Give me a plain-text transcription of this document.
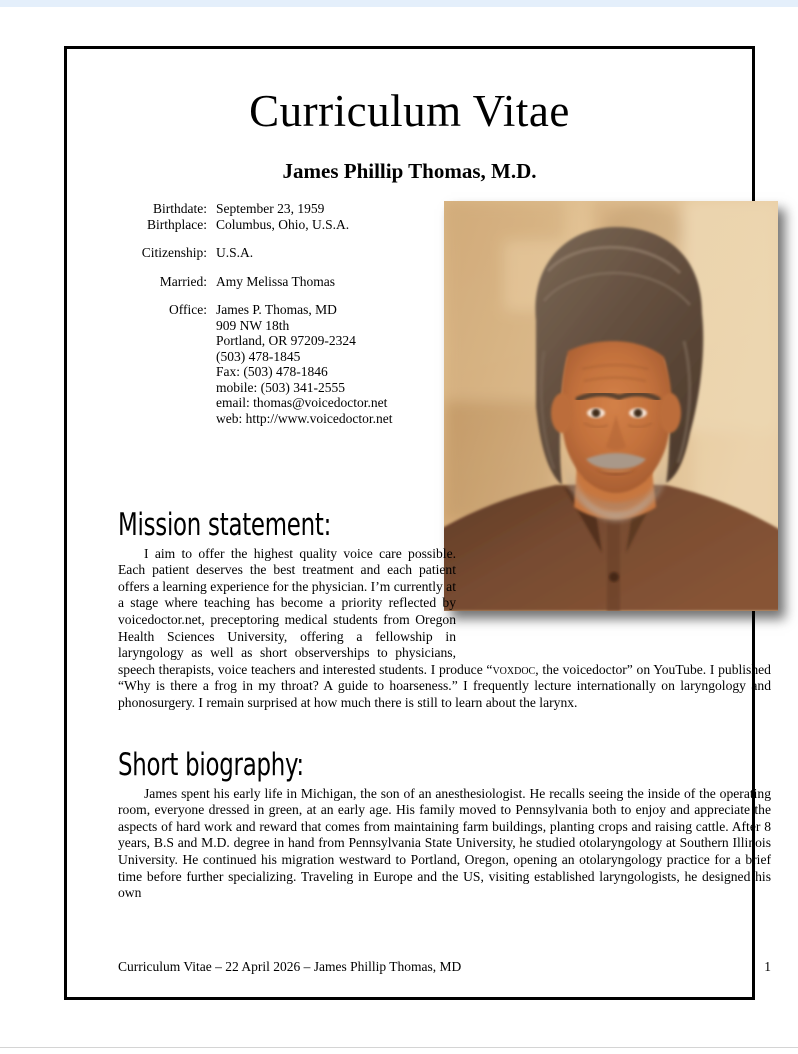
Curriculum Vitae
James Phillip Thomas, M.D.
Birthdate: September 23, 1959
Birthplace: Columbus, Ohio, U.S.A.
Citizenship: U.S.A.
Married: Amy Melissa Thomas
Office: James P. Thomas, MD
909 NW 18th
Portland, OR 97209-2324
(503) 478-1845
Fax: (503) 478-1846
mobile: (503) 341-2555
email: thomas@voicedoctor.net
web: http://www.voicedoctor.net
Mission statement:
I aim to offer the highest quality voice care possible. Each patient deserves the best treatment and each patient offers a learning experience for the physician. I’m currently at a stage where teaching has become a priority reflected by voicedoctor.net, preceptoring medical students from Oregon Health Sciences University, offering a fellowship in laryngology as well as short observerships to physicians, speech therapists, voice teachers and interested students. I produce “voxdoc, the voicedoctor” on YouTube. I published “Why is there a frog in my throat? A guide to hoarseness.” I frequently lecture internationally on laryngology and phonosurgery. I remain surprised at how much there is still to learn about the larynx.
Short biography:
James spent his early life in Michigan, the son of an anesthesiologist. He recalls seeing the inside of the operating room, everyone dressed in green, at an early age. His family moved to Pennsylvania both to enjoy and appreciate the aspects of hard work and reward that comes from maintaining farm buildings, planting crops and raising cattle. After 8 years, B.S and M.D. degree in hand from Pennsylvania State University, he studied otolaryngology at Southern Illinois University. He continued his migration westward to Portland, Oregon, opening an otolaryngology practice for a brief time before further specializing. Traveling in Europe and the US, visiting established laryngologists, he designed his own
Curriculum Vitae – 22 April 2026 – James Phillip Thomas, MD	1
